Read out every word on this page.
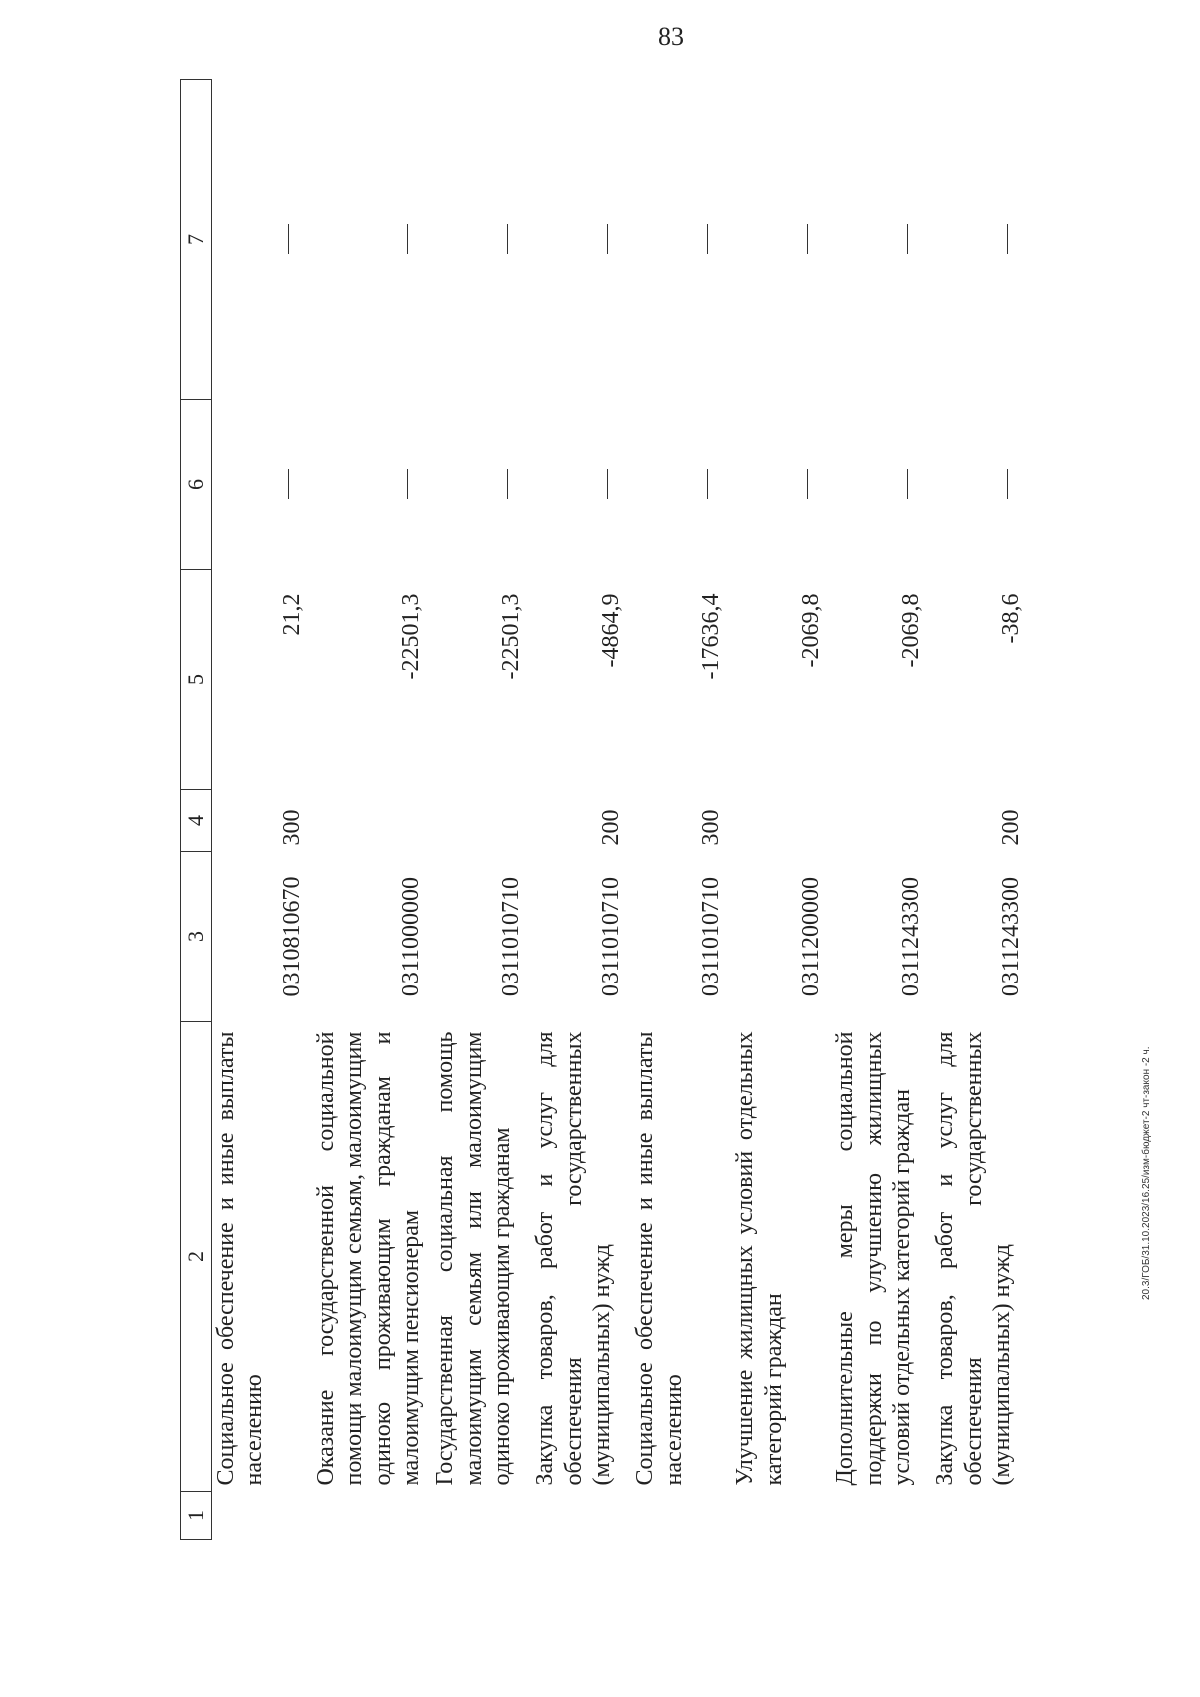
83
20.3/ГОБ/31.10.2023/16.25/изм-бюджет-2 чт-закон -2 ч.
1	2	3	4	5	6	7
	Социальное обеспечение и иные выплаты населению	0310810670	300	21,2		
	Оказание государственной социальной помощи малоимущим семьям, малоимущим одиноко проживающим гражданам и малоимущим пенсионерам	0311000000		-22501,3		
	Государственная социальная помощь малоимущим семьям или малоимущим одиноко проживающим гражданам	0311010710		-22501,3		
	Закупка товаров, работ и услуг для обеспечения государственных (муниципальных) нужд	0311010710	200	-4864,9		
	Социальное обеспечение и иные выплаты населению	0311010710	300	-17636,4		
	Улучшение жилищных условий отдельных категорий граждан	0311200000		-2069,8		
	Дополнительные меры социальной поддержки по улучшению жилищных условий отдельных категорий граждан	0311243300		-2069,8		
	Закупка товаров, работ и услуг для обеспечения государственных (муниципальных) нужд	0311243300	200	-38,6		
